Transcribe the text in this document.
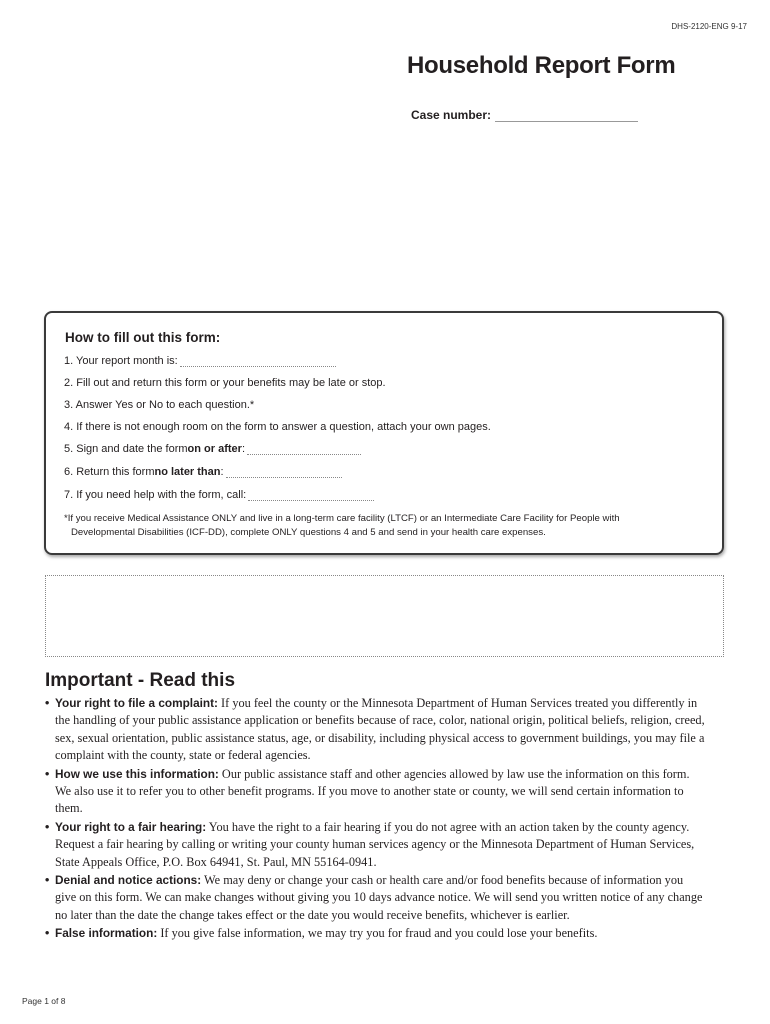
DHS-2120-ENG 9-17
Household Report Form
Case number:
How to fill out this form:
1. Your report month is:
2. Fill out and return this form or your benefits may be late or stop.
3. Answer Yes or No to each question.*
4. If there is not enough room on the form to answer a question, attach your own pages.
5. Sign and date the form on or after :
6. Return this form no later than :
7. If you need help with the form, call:
*If you receive Medical Assistance ONLY and live in a long-term care facility (LTCF) or an Intermediate Care Facility for People with
Developmental Disabilities (ICF-DD), complete ONLY questions 4 and 5 and send in your health care expenses.
Important - Read this
• Your right to file a complaint: If you feel the county or the Minnesota Department of Human Services treated you differently in the handling of your public assistance application or benefits because of race, color, national origin, political beliefs, religion, creed, sex, sexual orientation, public assistance status, age, or disability, including physical access to government buildings, you may file a complaint with the county, state or federal agencies.
• How we use this information: Our public assistance staff and other agencies allowed by law use the information on this form. We also use it to refer you to other benefit programs. If you move to another state or county, we will send certain information to them.
• Your right to a fair hearing: You have the right to a fair hearing if you do not agree with an action taken by the county agency. Request a fair hearing by calling or writing your county human services agency or the Minnesota Department of Human Services, State Appeals Office, P.O. Box 64941, St. Paul, MN 55164-0941.
• Denial and notice actions: We may deny or change your cash or health care and/or food benefits because of information you give on this form. We can make changes without giving you 10 days advance notice. We will send you written notice of any change no later than the date the change takes effect or the date you would receive benefits, whichever is earlier.
• False information: If you give false information, we may try you for fraud and you could lose your benefits.
Page 1 of 8
